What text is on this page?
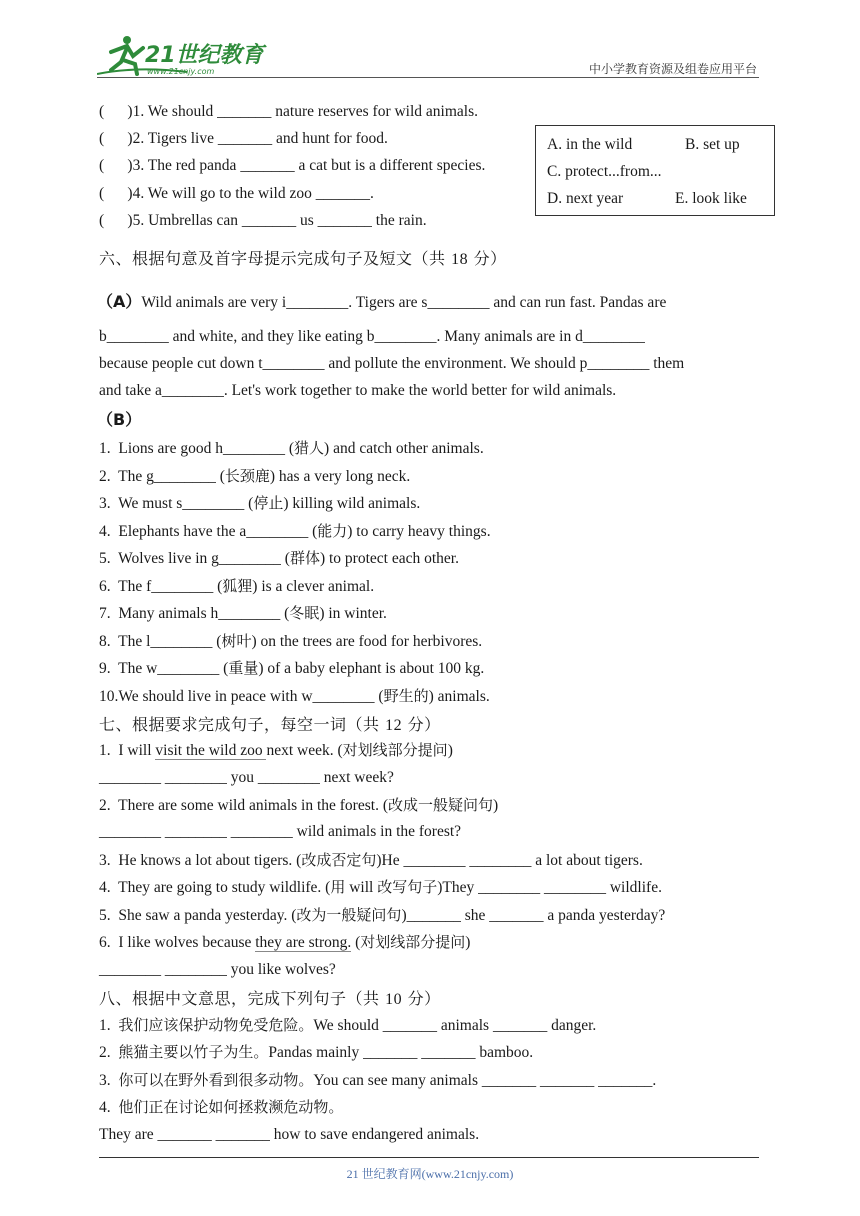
21世纪教育
www.21cnjy.com	中小学教育资源及组卷应用平台
(      )1. We should _______ nature reserves for wild animals.
(      )2. Tigers live _______ and hunt for food.
(      )3. The red panda _______ a cat but is a different species.
(      )4. We will go to the wild zoo _______.
(      )5. Umbrellas can _______ us _______ the rain.
A. in the wild	B. set up
C. protect...from...
D. next year	E. look like
六、根据句意及首字母提示完成句子及短文（共 18 分）
（A）Wild animals are very i________. Tigers are s________ and can run fast. Pandas are
b________ and white, and they like eating b________. Many animals are in d________
because people cut down t________ and pollute the environment. We should p________ them
and take a________. Let's work together to make the world better for wild animals.
（B）
1. Lions are good h________ (猎人) and catch other animals.
2. The g________ (长颈鹿) has a very long neck.
3. We must s________ (停止) killing wild animals.
4. Elephants have the a________ (能力) to carry heavy things.
5. Wolves live in g________ (群体) to protect each other.
6. The f________ (狐狸) is a clever animal.
7. Many animals h________ (冬眠) in winter.
8. The l________ (树叶) on the trees are food for herbivores.
9. The w________ (重量) of a baby elephant is about 100 kg.
10.We should live in peace with w________ (野生的) animals.
七、根据要求完成句子，每空一词（共 12 分）
1. I will visit the wild zoo next week. (对划线部分提问)
________ ________ you ________ next week?
2. There are some wild animals in the forest. (改成一般疑问句)
________ ________ ________ wild animals in the forest?
3. He knows a lot about tigers. (改成否定句)He ________ ________ a lot about tigers.
4. They are going to study wildlife. (用 will 改写句子)They ________ ________ wildlife.
5. She saw a panda yesterday. (改为一般疑问句)_______ she _______ a panda yesterday?
6. I like wolves because they are strong. (对划线部分提问)
________ ________ you like wolves?
八、根据中文意思，完成下列句子（共 10 分）
1. 我们应该保护动物免受危险。We should _______ animals _______ danger.
2. 熊猫主要以竹子为生。Pandas mainly _______ _______ bamboo.
3. 你可以在野外看到很多动物。You can see many animals _______ _______ _______.
4. 他们正在讨论如何拯救濒危动物。
They are _______ _______ how to save endangered animals.
21 世纪教育网(www.21cnjy.com)
